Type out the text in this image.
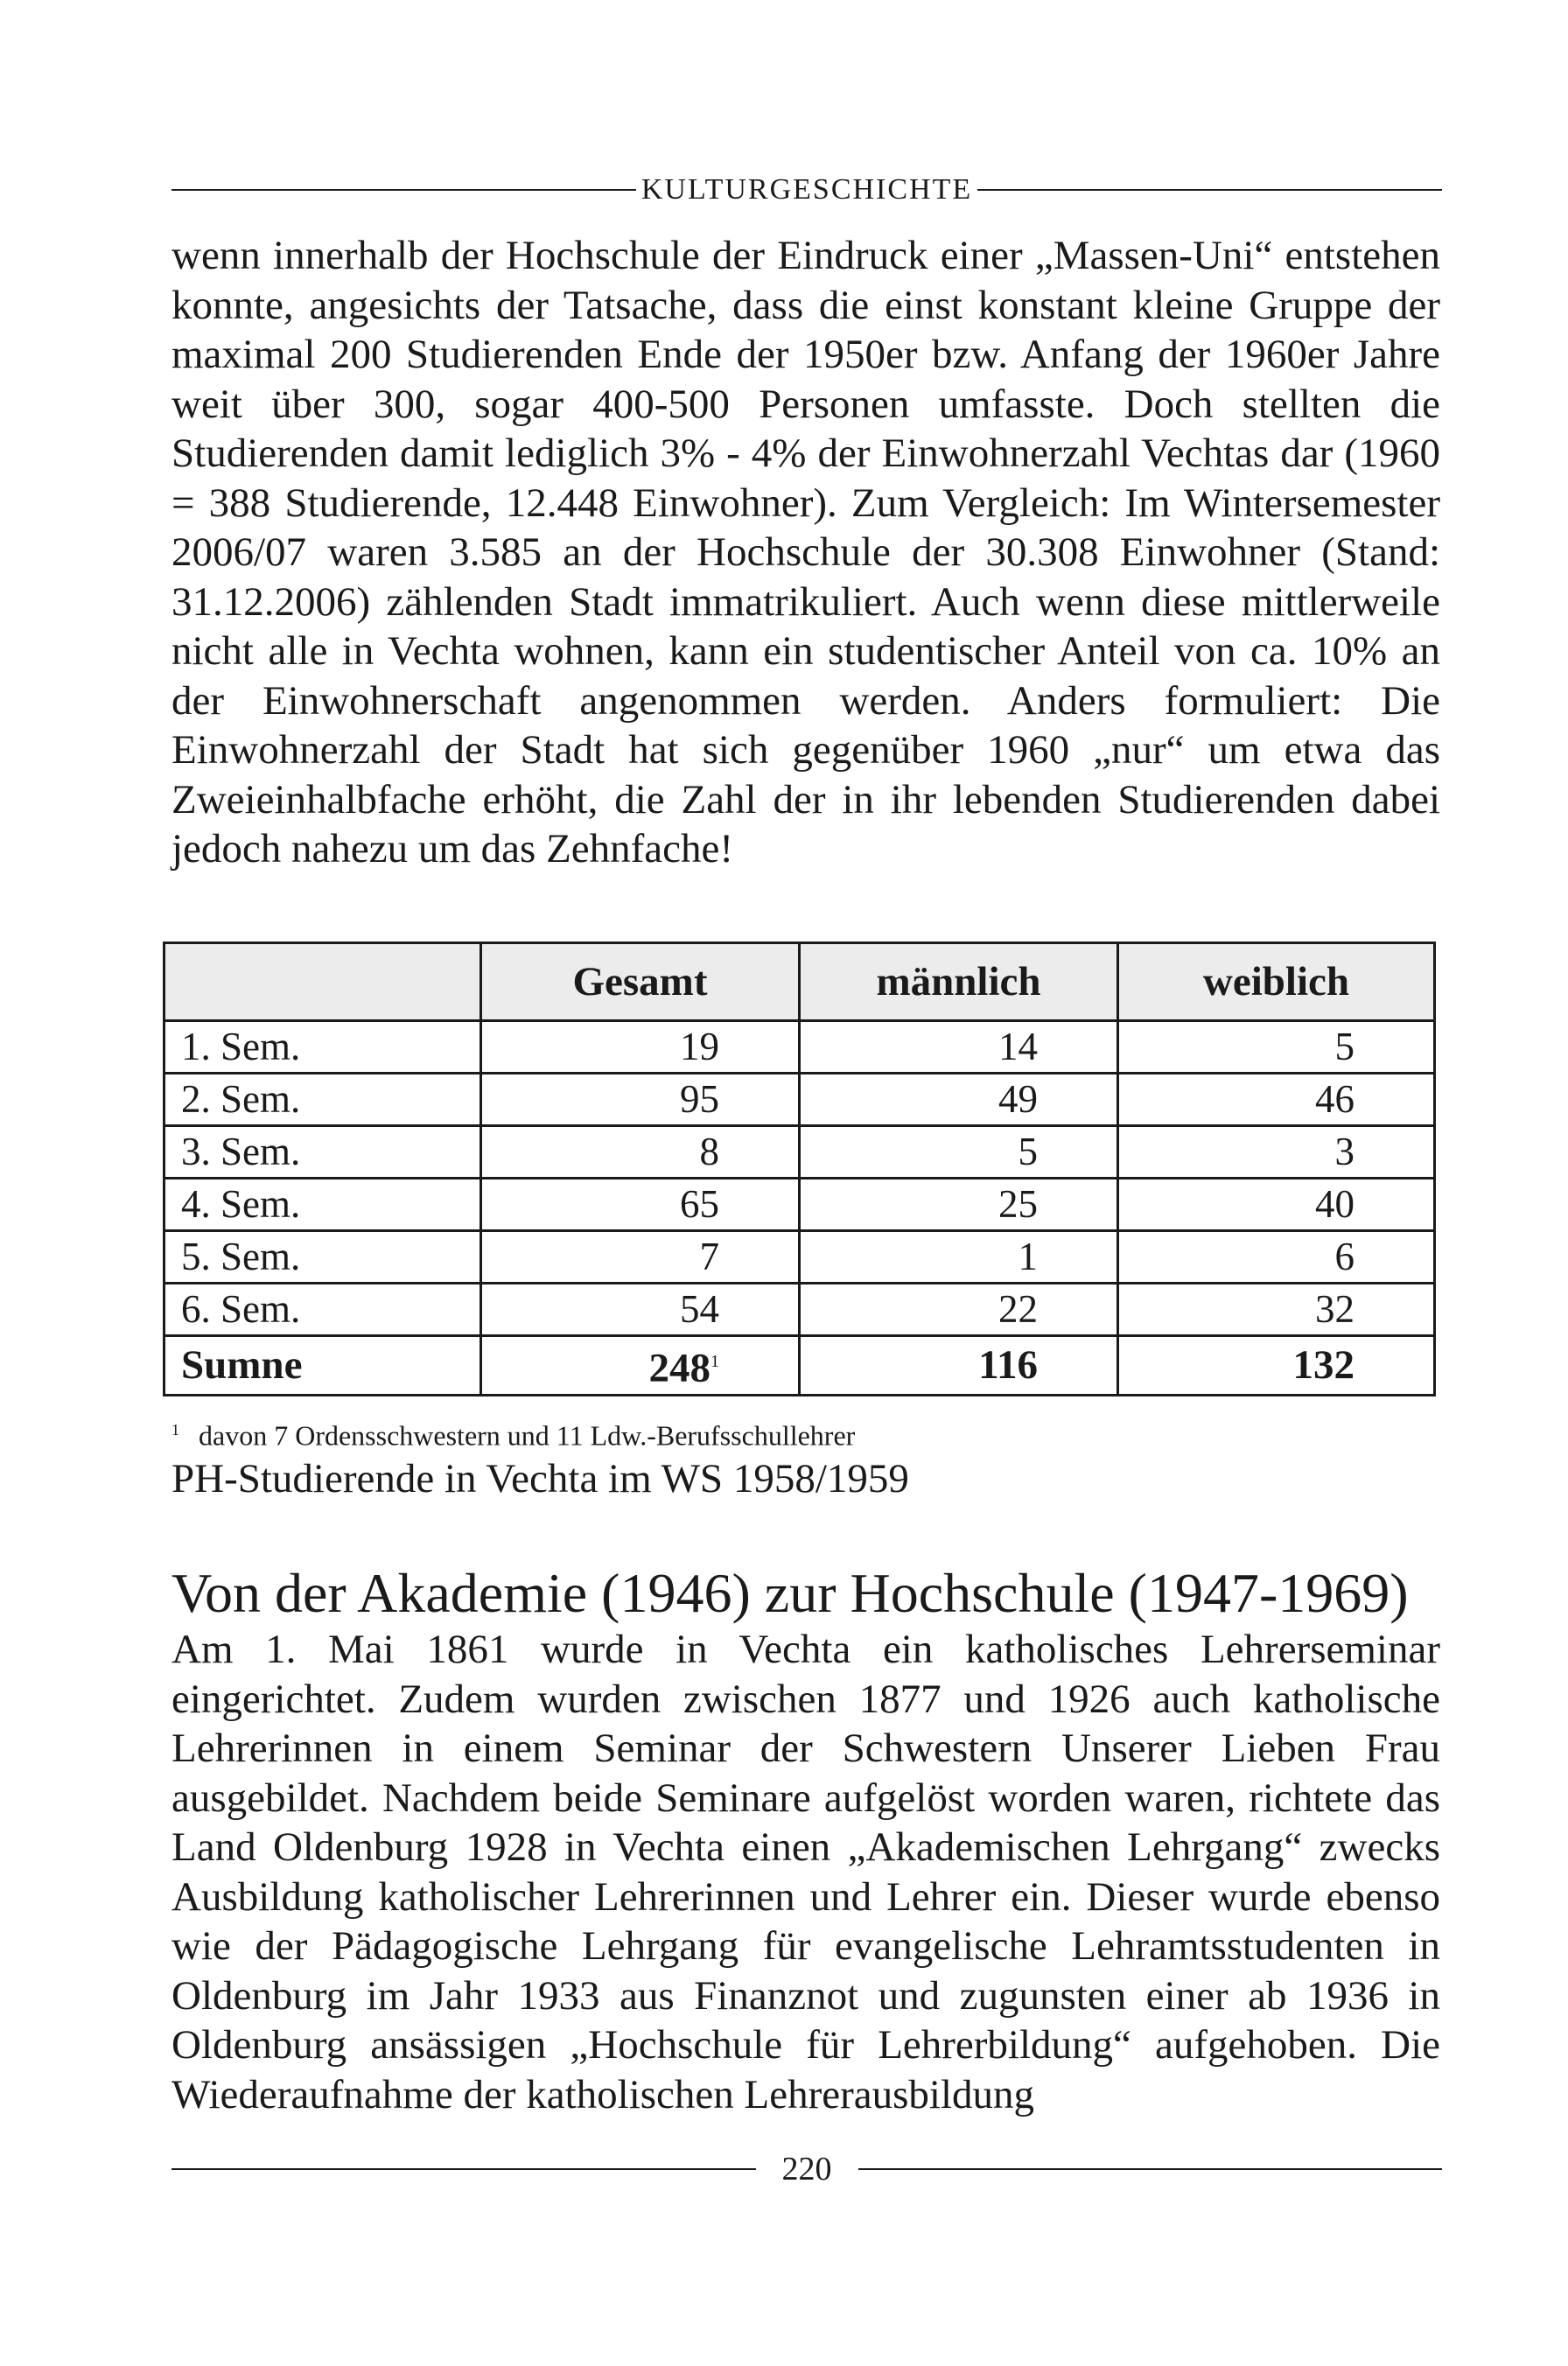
KULTURGESCHICHTE

wenn innerhalb der Hochschule der Eindruck einer „Massen-Uni“ entstehen konnte, angesichts der Tatsache, dass die einst konstant kleine Gruppe der maximal 200 Studierenden Ende der 1950er bzw. Anfang der 1960er Jahre weit über 300, sogar 400-500 Personen umfasste. Doch stellten die Studierenden damit lediglich 3% - 4% der Einwohnerzahl Vechtas dar (1960 = 388 Studierende, 12.448 Einwohner). Zum Vergleich: Im Wintersemester 2006/07 waren 3.585 an der Hochschule der 30.308 Einwohner (Stand: 31.12.2006) zählenden Stadt immatrikuliert. Auch wenn diese mittlerweile nicht alle in Vechta wohnen, kann ein studentischer Anteil von ca. 10% an der Einwohnerschaft angenommen werden. Anders formuliert: Die Einwohnerzahl der Stadt hat sich gegenüber 1960 „nur“ um etwa das Zweieinhalbfache erhöht, die Zahl der in ihr lebenden Studierenden dabei jedoch nahezu um das Zehnfache!

	Gesamt	männlich	weiblich
1. Sem.	19	14	5
2. Sem.	95	49	46
3. Sem.	8	5	3
4. Sem.	65	25	40
5. Sem.	7	1	6
6. Sem.	54	22	32
Sumne	$248^1$	116	132
$^1$ davon 7 Ordensschwestern und 11 Ldw.-Berufsschullehrer
PH-Studierende in Vechta im WS 1958/1959
Von der Akademie (1946) zur Hochschule (1947-1969)

Am 1. Mai 1861 wurde in Vechta ein katholisches Lehrerseminar eingerichtet. Zudem wurden zwischen 1877 und 1926 auch katholische Lehrerinnen in einem Seminar der Schwestern Unserer Lieben Frau ausgebildet. Nachdem beide Seminare aufgelöst worden waren, richtete das Land Oldenburg 1928 in Vechta einen „Akademischen Lehrgang“ zwecks Ausbildung katholischer Lehrerinnen und Lehrer ein. Dieser wurde ebenso wie der Pädagogische Lehrgang für evangelische Lehramtsstudenten in Oldenburg im Jahr 1933 aus Finanznot und zugunsten einer ab 1936 in Oldenburg ansässigen „Hochschule für Lehrerbildung“ aufgehoben. Die Wiederaufnahme der katholischen Lehrerausbildung

220
